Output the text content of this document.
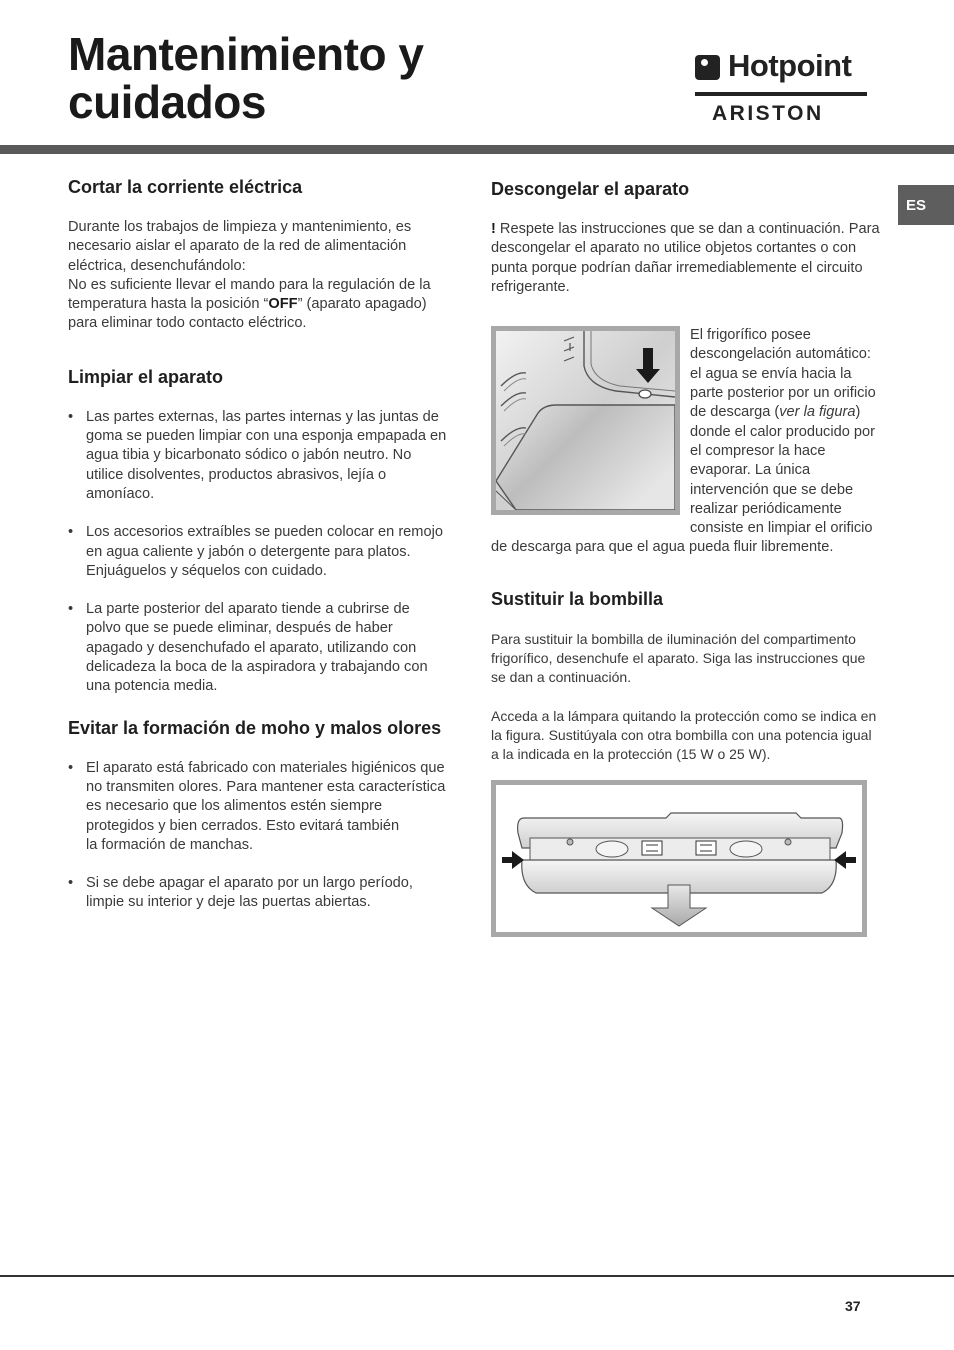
Mantenimiento y
cuidados
Hotpoint
ARISTON
ES
Cortar la corriente eléctrica

Durante los trabajos de limpieza y mantenimiento, es necesario aislar el aparato de la red de alimentación eléctrica, desenchufándolo:

No es suficiente llevar el mando para la regulación de la temperatura hasta la posición “OFF” (aparato apagado) para eliminar todo contacto eléctrico.

Limpiar el aparato
• Las partes externas, las partes internas y las juntas de goma se pueden limpiar con una esponja empapada en agua tibia y bicarbonato sódico o jabón neutro. No utilice disolventes, productos abrasivos, lejía o amoníaco.
• Los accesorios extraíbles se pueden colocar en remojo en agua caliente y jabón o detergente para platos. Enjuáguelos y séquelos con cuidado.
• La parte posterior del aparato tiende a cubrirse de polvo que se puede eliminar, después de haber apagado y desenchufado el aparato, utilizando con delicadeza la boca de la aspiradora y trabajando con una potencia media.
Evitar la formación de moho y malos olores
• El aparato está fabricado con materiales higiénicos que no transmiten olores. Para mantener esta característica es necesario que los alimentos estén siempre protegidos y bien cerrados. Esto evitará también
la formación de manchas.
• Si se debe apagar el aparato por un largo período, limpie su interior y deje las puertas abiertas.
Descongelar el aparato

! Respete las instrucciones que se dan a continuación. Para descongelar el aparato no utilice objetos cortantes o con punta porque podrían dañar irremediablemente el circuito refrigerante.

El frigorífico posee descongelación automático: el agua se envía hacia la parte posterior por un orificio de descarga (ver la figura) donde el calor producido por el compresor la hace evaporar. La única intervención que se debe realizar periódicamente consiste en limpiar el orificio de descarga para que el agua pueda fluir libremente.

Sustituir la bombilla

Para sustituir la bombilla de iluminación del compartimento frigorífico, desenchufe el aparato. Siga las instrucciones que se dan a continuación.

Acceda a la lámpara quitando la protección como se indica en la figura. Sustitúyala con otra bombilla con una potencia igual a la indicada en la protección (15 W o 25 W).

37
